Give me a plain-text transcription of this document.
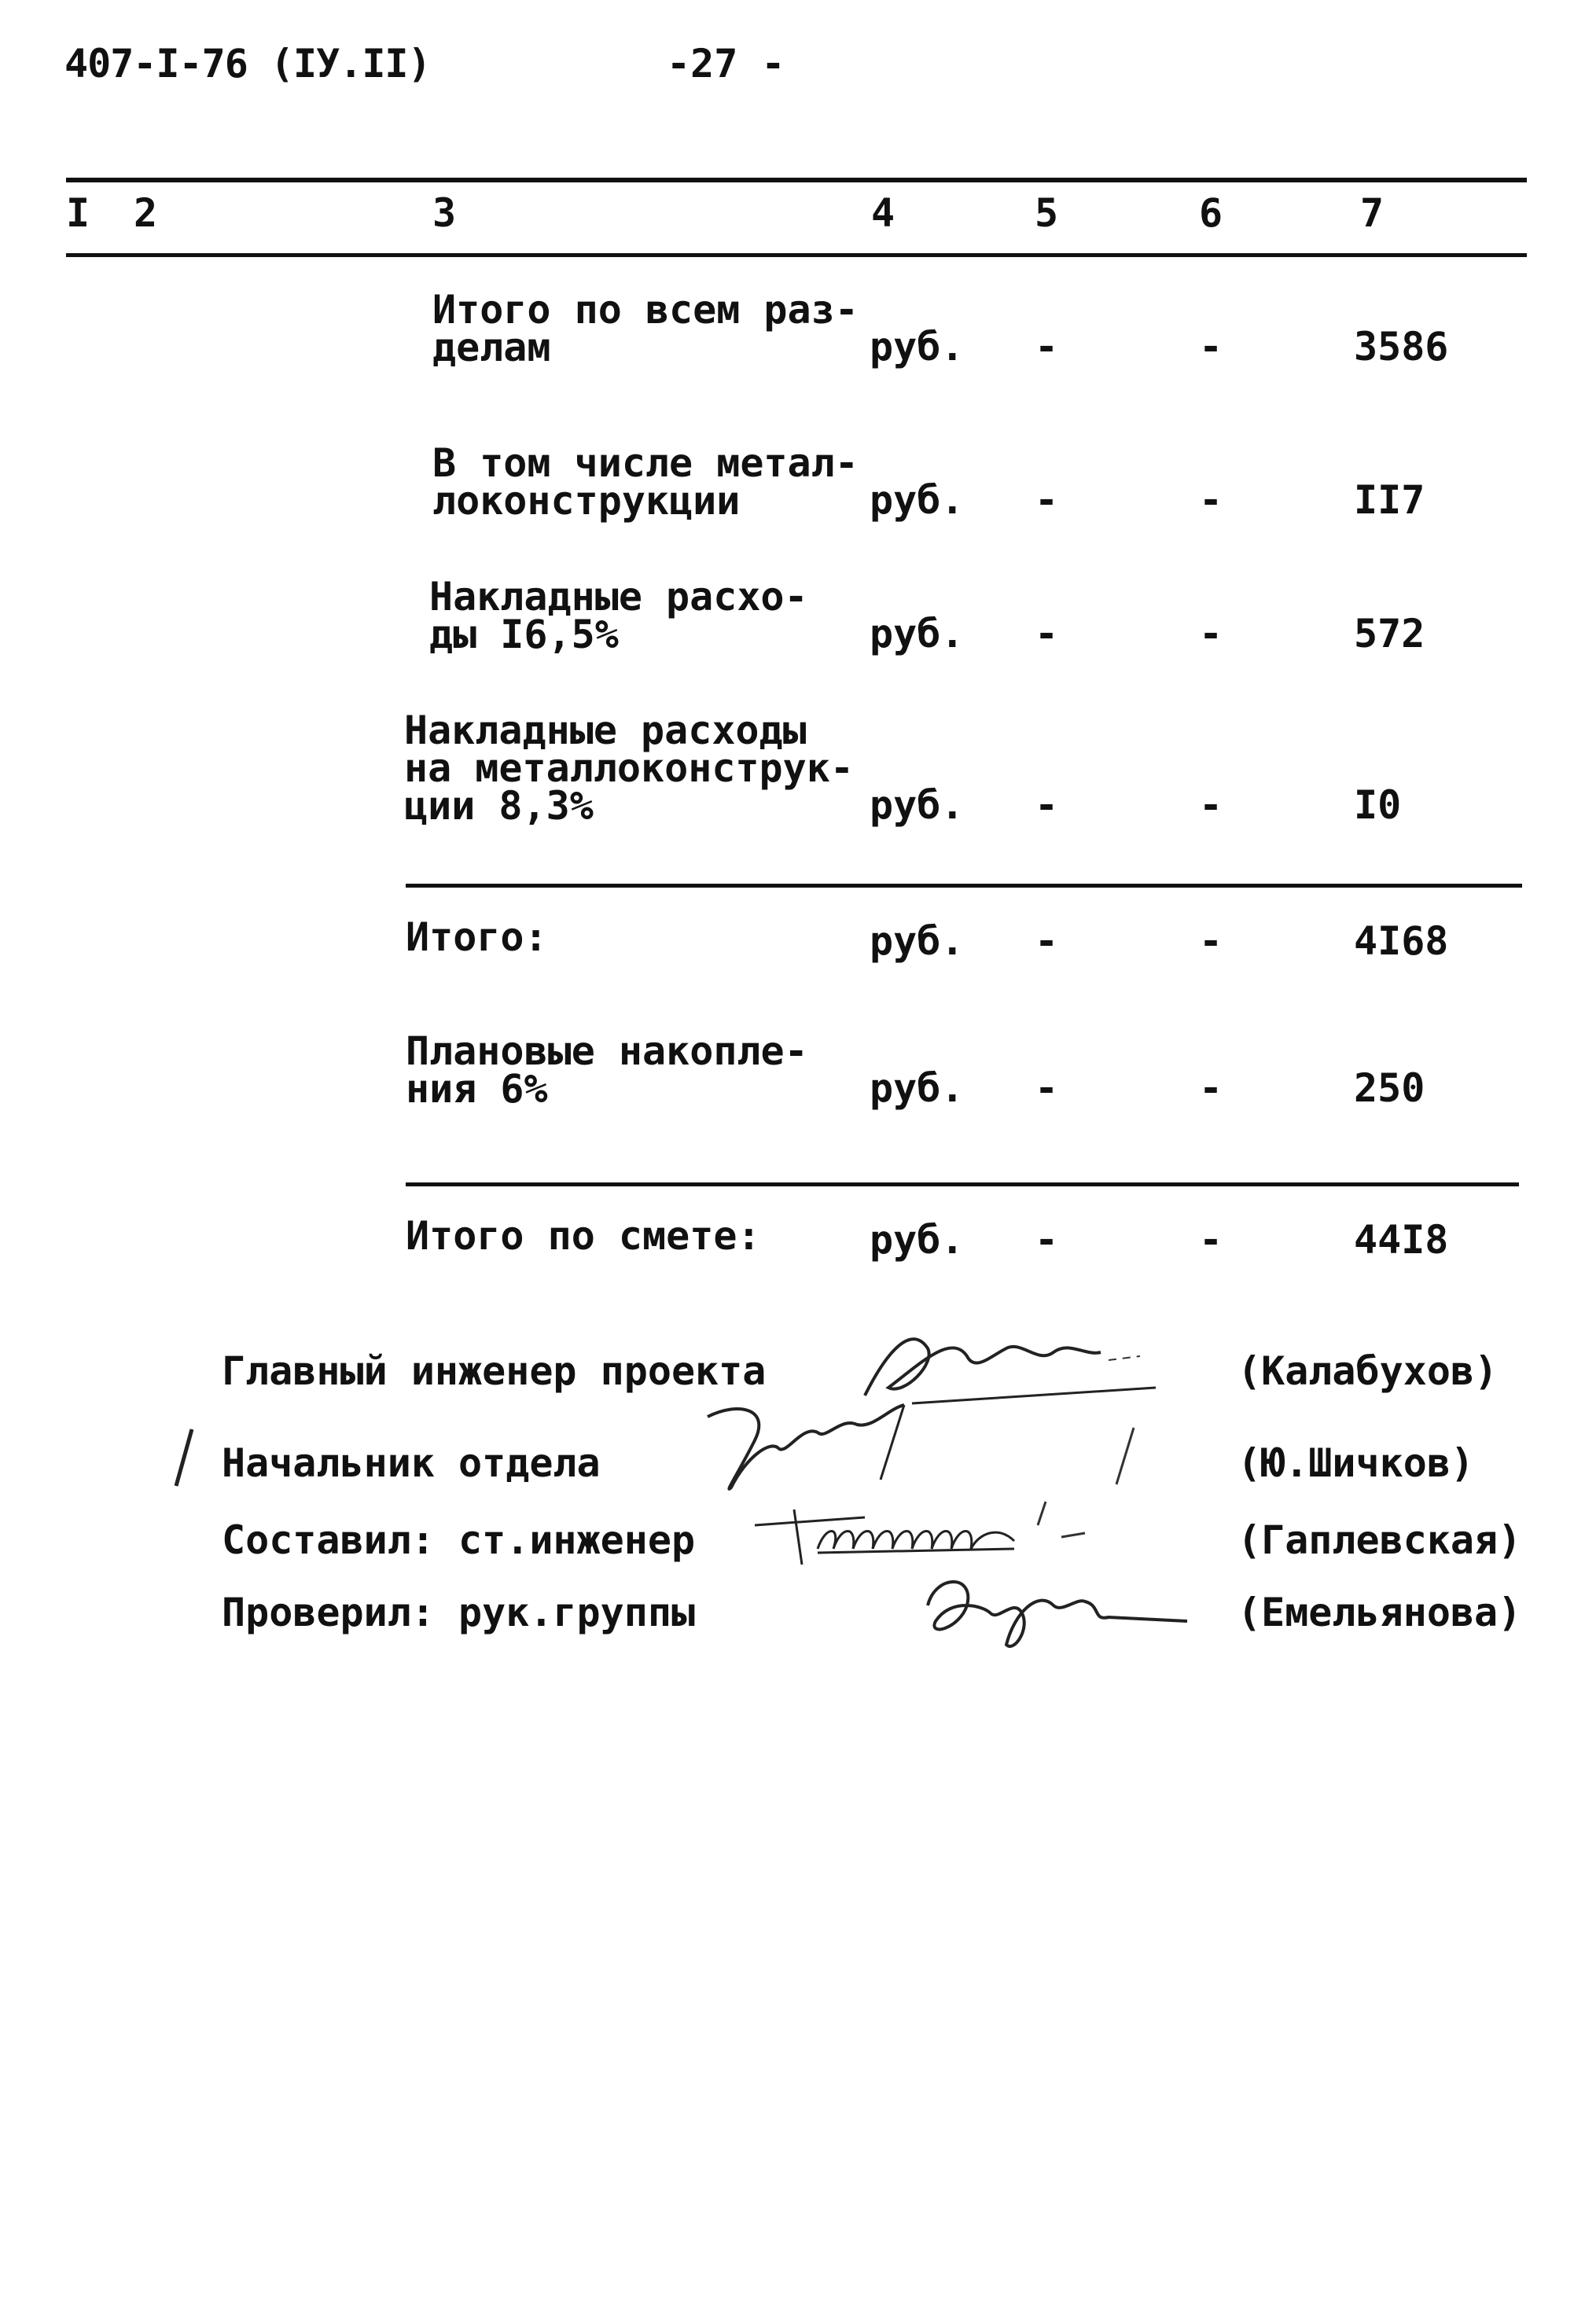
407-I-76 (IУ.II)	-27 -
I 2	3	4	5	6	7
Итого по всем раз-
делам	руб. -	-	3586
В том числе метал-
локонструкции	руб. -	-	II7
Накладные расхо-
ды I6,5%	руб. -	-	572
Накладные расходы
на металлоконструк-
ции 8,3%	руб. -	-	I0
Итого:	руб. -	-	4I68
Плановые накопле-
ния 6%	руб. -	-	250
Итого по смете:	руб. -	-	44I8
Главный инженер проекта	(Калабухов)
Начальник отдела	(Ю.Шичков)
Составил: ст.инженер	(Гаплевская)
Проверил: рук.группы	(Емельянова)
